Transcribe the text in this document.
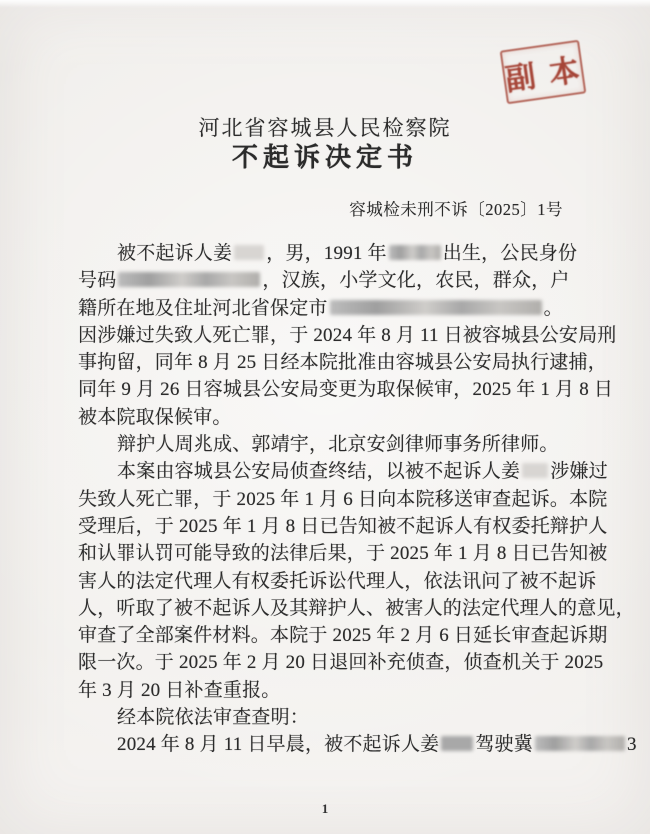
副本
河北省容城县人民检察院
不起诉决定书
容城检未刑不诉〔2025〕1号
被不起诉人姜 ，男，1991 年	出生，公民身份
号码	，汉族，小学文化，农民，群众，户
籍所在地及住址河北省保定市	。
因涉嫌过失致人死亡罪，于 2024 年 8 月 11 日被容城县公安局刑
事拘留，同年 8 月 25 日经本院批准由容城县公安局执行逮捕，
同年 9 月 26 日容城县公安局变更为取保候审，2025 年 1 月 8 日
被本院取保候审。
辩护人周兆成、郭靖宇，北京安剑律师事务所律师。
本案由容城县公安局侦查终结，以被不起诉人姜 涉嫌过
失致人死亡罪，于 2025 年 1 月 6 日向本院移送审查起诉。本院
受理后，于 2025 年 1 月 8 日已告知被不起诉人有权委托辩护人
和认罪认罚可能导致的法律后果，于 2025 年 1 月 8 日已告知被
害人的法定代理人有权委托诉讼代理人，依法讯问了被不起诉
人，听取了被不起诉人及其辩护人、被害人的法定代理人的意见，
审查了全部案件材料。本院于 2025 年 2 月 6 日延长审查起诉期
限一次。于 2025 年 2 月 20 日退回补充侦查，侦查机关于 2025
年 3 月 20 日补查重报。
经本院依法审查查明：
2024 年 8 月 11 日早晨，被不起诉人姜 驾驶冀	3
1
